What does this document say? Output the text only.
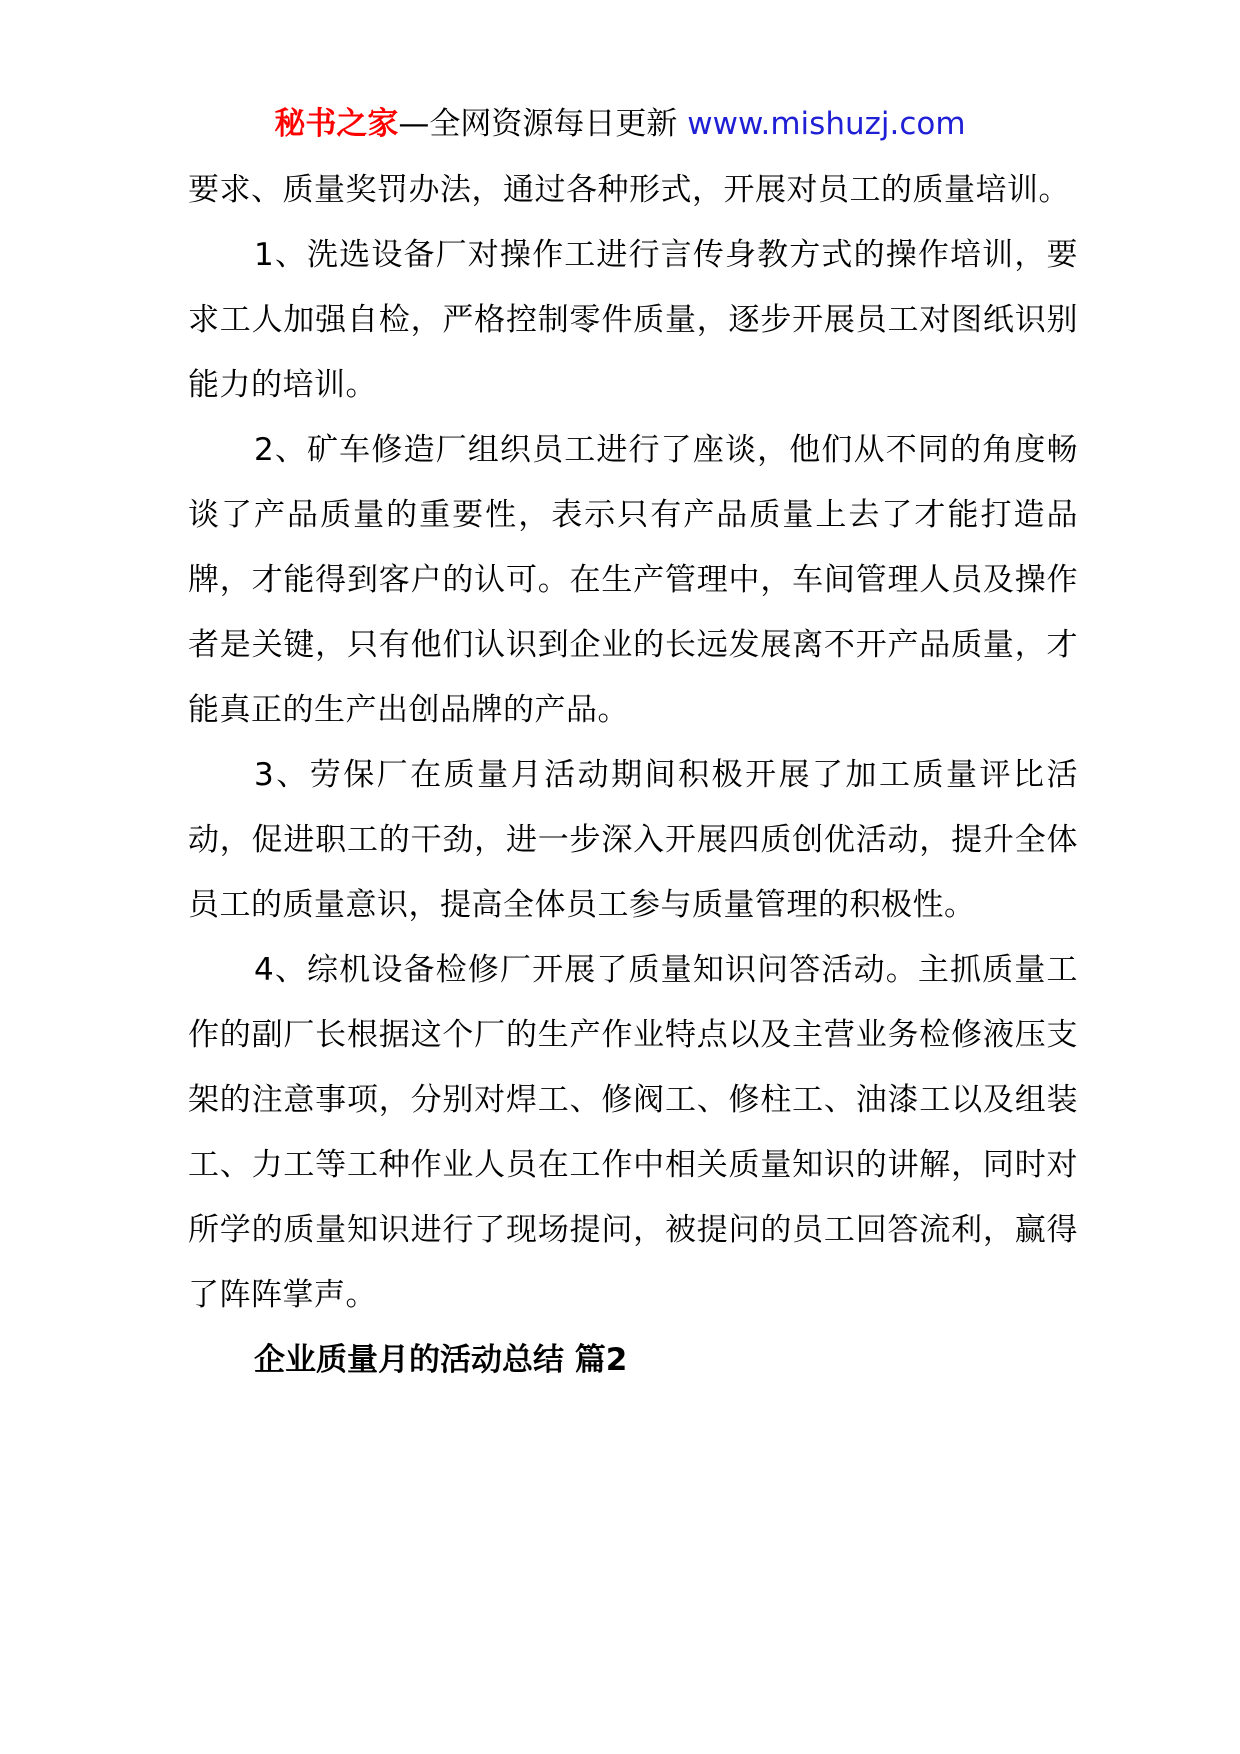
秘书之家—全网资源每日更新 www.mishuzj.com

要求、质量奖罚办法，通过各种形式，开展对员工的质量培训。

1、洗选设备厂对操作工进行言传身教方式的操作培训，要求工人加强自检，严格控制零件质量，逐步开展员工对图纸识别能力的培训。

2、矿车修造厂组织员工进行了座谈，他们从不同的角度畅谈了产品质量的重要性，表示只有产品质量上去了才能打造品牌，才能得到客户的认可。在生产管理中，车间管理人员及操作者是关键，只有他们认识到企业的长远发展离不开产品质量，才能真正的生产出创品牌的产品。

3、劳保厂在质量月活动期间积极开展了加工质量评比活动，促进职工的干劲，进一步深入开展四质创优活动，提升全体员工的质量意识，提高全体员工参与质量管理的积极性。

4、综机设备检修厂开展了质量知识问答活动。主抓质量工作的副厂长根据这个厂的生产作业特点以及主营业务检修液压支架的注意事项，分别对焊工、修阀工、修柱工、油漆工以及组装工、力工等工种作业人员在工作中相关质量知识的讲解，同时对所学的质量知识进行了现场提问，被提问的员工回答流利，赢得了阵阵掌声。

企业质量月的活动总结 篇2
